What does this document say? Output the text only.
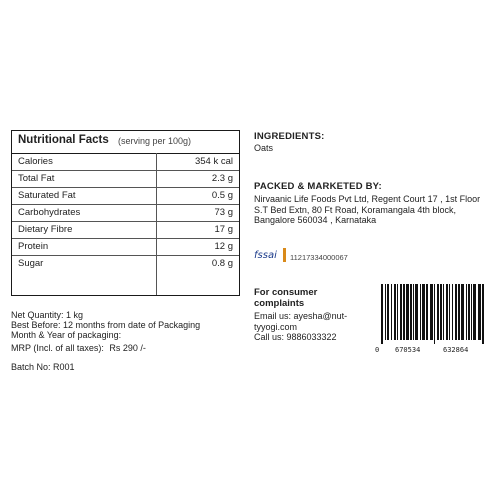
Nutritional Facts (serving per 100g)
Calories	354 k cal
Total Fat	2.3 g
Saturated Fat	0.5 g
Carbohydrates	73 g
Dietary Fibre	17 g
Protein	12 g
Sugar	0.8 g
INGREDIENTS:
Oats
PACKED & MARKETED BY:
Nirvaanic Life Foods Pvt Ltd, Regent Court 17 , 1st Floor
S.T Bed Extn, 80 Ft Road, Koramangala 4th block,
Bangalore 560034 , Karnataka
fssai 11217334000067
For consumer
complaints
Email us: ayesha@nut-
tyyogi.com
Call us: 9886033322
Net Quantity: 1 kg
Best Before: 12 months from date of Packaging
Month & Year of packaging:
MRP (Incl. of all taxes): Rs 290 /-
Batch No: R001
0 670534	632864
